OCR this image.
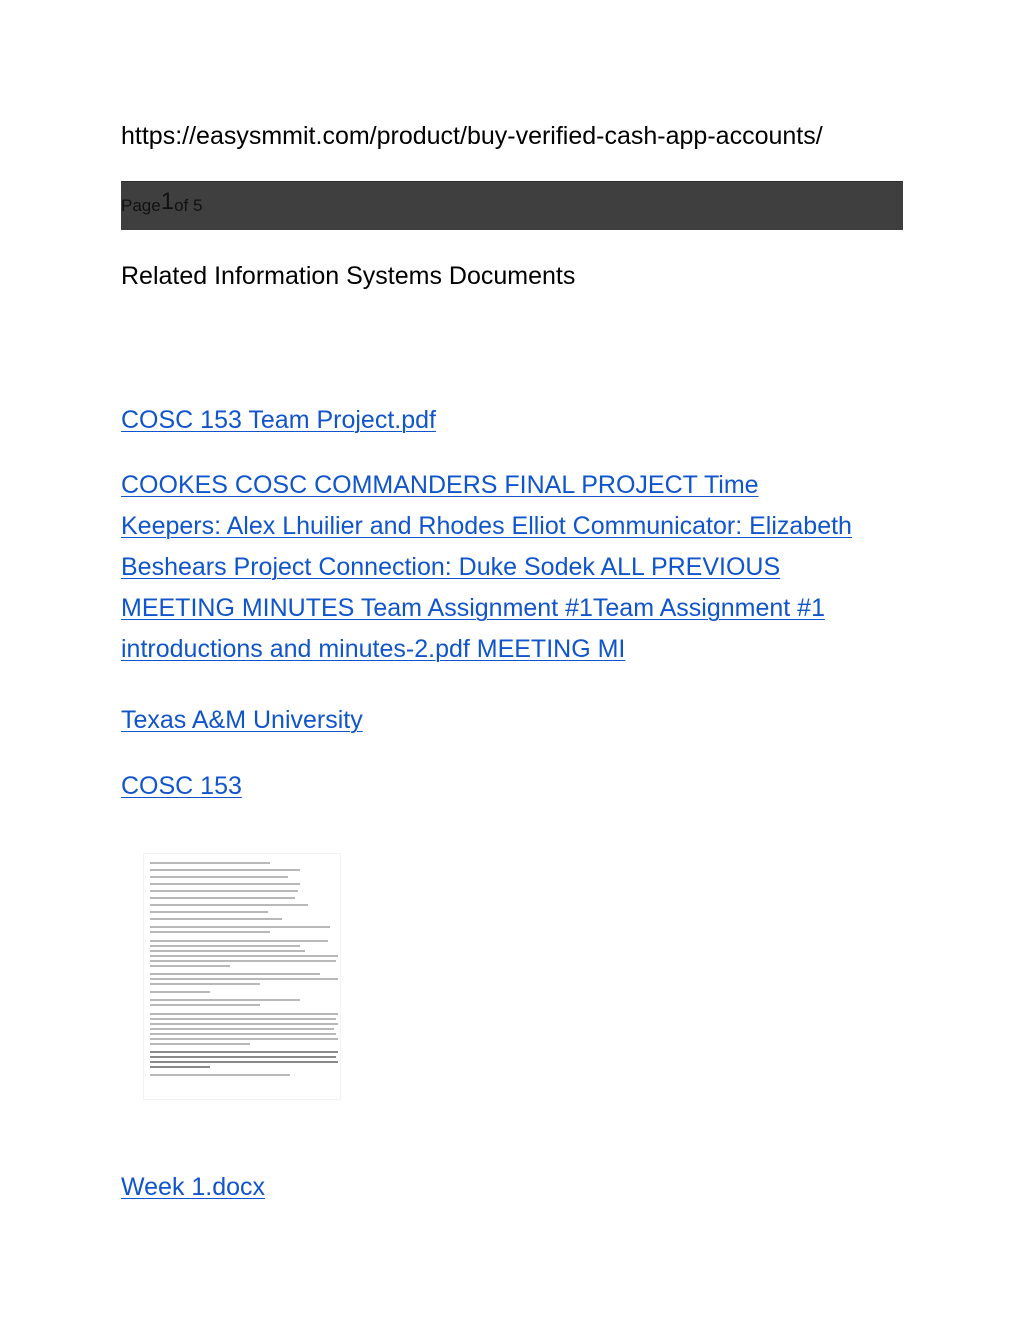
https://easysmmit.com/product/buy-verified-cash-app-accounts/
Page1of 5
Related Information Systems Documents
COSC 153 Team Project.pdf
COOKES COSC COMMANDERS FINAL PROJECT Time Keepers: Alex Lhuilier and Rhodes Elliot Communicator: Elizabeth Beshears Project Connection: Duke Sodek ALL PREVIOUS MEETING MINUTES Team Assignment #1Team Assignment #1 introductions and minutes-2.pdf MEETING MI
Texas A&M University
COSC 153
Week 1.docx
